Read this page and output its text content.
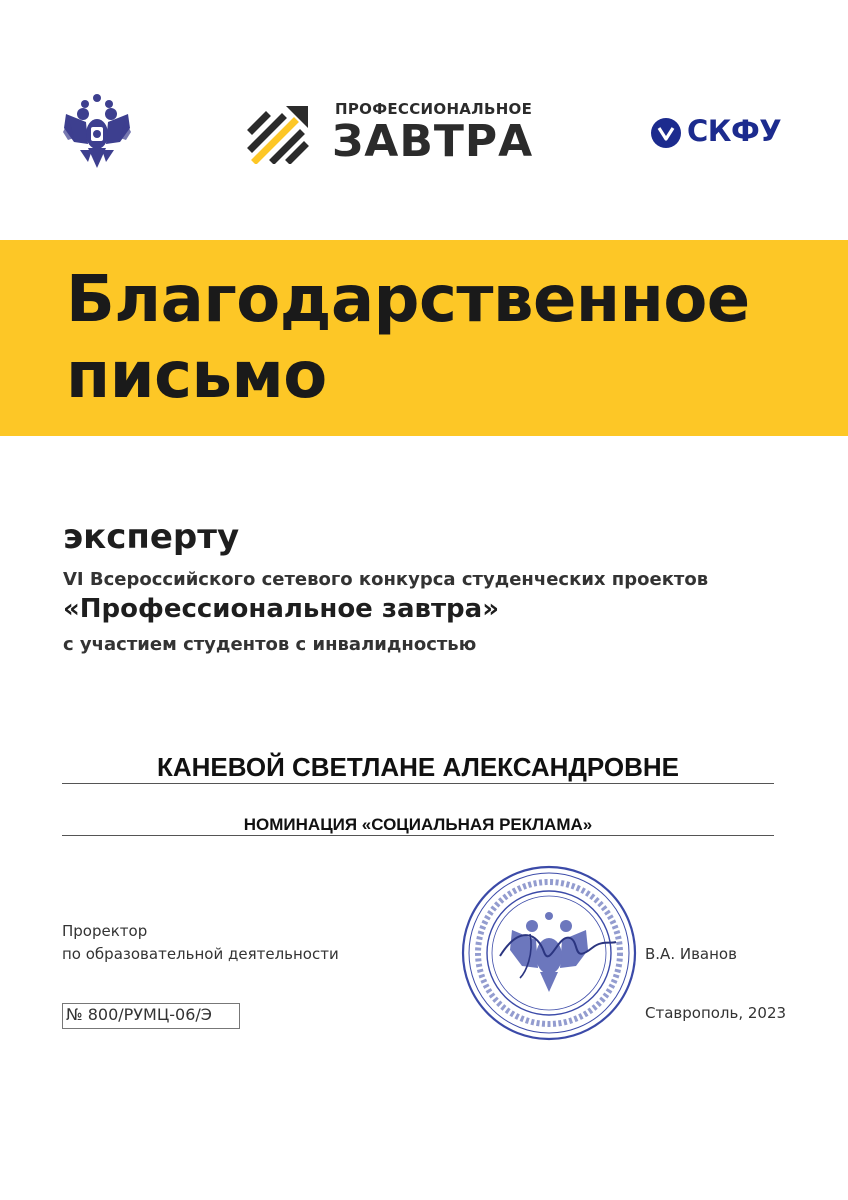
ПРОФЕССИОНАЛЬНОЕ
ЗАВТРА	СКФУ
Благодарственное
письмо
эксперту
VI Всероссийского сетевого конкурса студенческих проектов
«Профессиональное завтра»
с участием студентов с инвалидностью
КАНЕВОЙ СВЕТЛАНЕ АЛЕКСАНДРОВНЕ
НОМИНАЦИЯ «СОЦИАЛЬНАЯ РЕКЛАМА»
Проректор
по образовательной деятельности	В.А. Иванов
№ 800/РУМЦ-06/Э	Ставрополь, 2023
